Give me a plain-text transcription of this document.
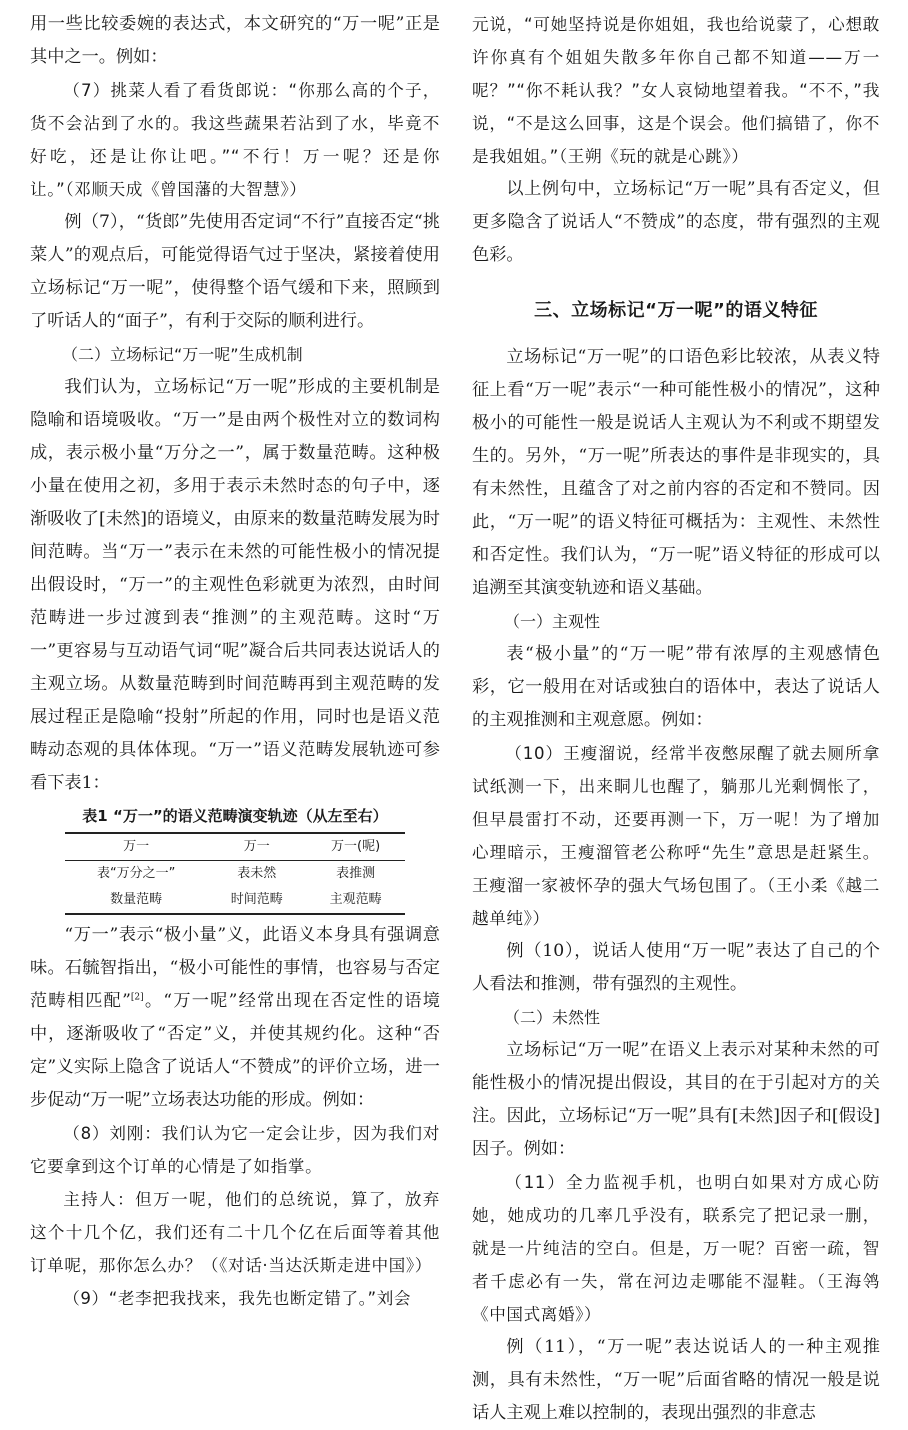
用一些比较委婉的表达式，本文研究的“万一呢”正是其中之一。例如：

（7）挑菜人看了看货郎说：“你那么高的个子，货不会沾到了水的。我这些蔬果若沾到了水，毕竟不好吃，还是让你让吧。”“不行！万一呢？还是你让。”（邓顺天成《曾国藩的大智慧》）

例（7），“货郎”先使用否定词“不行”直接否定“挑菜人”的观点后，可能觉得语气过于坚决，紧接着使用立场标记“万一呢”，使得整个语气缓和下来，照顾到了听话人的“面子”，有利于交际的顺利进行。

（二）立场标记“万一呢”生成机制

我们认为，立场标记“万一呢”形成的主要机制是隐喻和语境吸收。“万一”是由两个极性对立的数词构成，表示极小量“万分之一”，属于数量范畴。这种极小量在使用之初，多用于表示未然时态的句子中，逐渐吸收了[未然]的语境义，由原来的数量范畴发展为时间范畴。当“万一”表示在未然的可能性极小的情况提出假设时，“万一”的主观性色彩就更为浓烈，由时间范畴进一步过渡到表“推测”的主观范畴。这时“万一”更容易与互动语气词“呢”凝合后共同表达说话人的主观立场。从数量范畴到时间范畴再到主观范畴的发展过程正是隐喻“投射”所起的作用，同时也是语义范畴动态观的具体体现。“万一”语义范畴发展轨迹可参看下表1：

表1 “万一”的语义范畴演变轨迹（从左至右）
万一	万一	万一(呢)
表“万分之一”	表未然	表推测
数量范畴	时间范畴	主观范畴

“万一”表示“极小量”义，此语义本身具有强调意味。石毓智指出，“极小可能性的事情，也容易与否定范畴相匹配”[2]。“万一呢”经常出现在否定性的语境中，逐渐吸收了“否定”义，并使其规约化。这种“否定”义实际上隐含了说话人“不赞成”的评价立场，进一步促动“万一呢”立场表达功能的形成。例如：

（8）刘刚：我们认为它一定会让步，因为我们对它要拿到这个订单的心情是了如指掌。

主持人：但万一呢，他们的总统说，算了，放弃这个十几个亿，我们还有二十几个亿在后面等着其他订单呢，那你怎么办？（《对话·当达沃斯走进中国》）

（9）“老李把我找来，我先也断定错了。”刘会

元说，“可她坚持说是你姐姐，我也给说蒙了，心想敢许你真有个姐姐失散多年你自己都不知道——万一呢？”“你不耗认我？”女人哀恸地望着我。“不不，”我说，“不是这么回事，这是个误会。他们搞错了，你不是我姐姐。”（王朔《玩的就是心跳》）

以上例句中，立场标记“万一呢”具有否定义，但更多隐含了说话人“不赞成”的态度，带有强烈的主观色彩。

三、立场标记“万一呢”的语义特征

立场标记“万一呢”的口语色彩比较浓，从表义特征上看“万一呢”表示“一种可能性极小的情况”，这种极小的可能性一般是说话人主观认为不利或不期望发生的。另外，“万一呢”所表达的事件是非现实的，具有未然性，且蕴含了对之前内容的否定和不赞同。因此，“万一呢”的语义特征可概括为：主观性、未然性和否定性。我们认为，“万一呢”语义特征的形成可以追溯至其演变轨迹和语义基础。

（一）主观性

表“极小量”的“万一呢”带有浓厚的主观感情色彩，它一般用在对话或独白的语体中，表达了说话人的主观推测和主观意愿。例如：

（10）王瘦溜说，经常半夜憋尿醒了就去厕所拿试纸测一下，出来眮儿也醒了，躺那儿光剩惆怅了，但早晨雷打不动，还要再测一下，万一呢！为了增加心理暗示，王瘦溜管老公称呼“先生”意思是赶紧生。王瘦溜一家被怀孕的强大气场包围了。（王小柔《越二越单纯》）

例（10），说话人使用“万一呢”表达了自己的个人看法和推测，带有强烈的主观性。

（二）未然性

立场标记“万一呢”在语义上表示对某种未然的可能性极小的情况提出假设，其目的在于引起对方的关注。因此，立场标记“万一呢”具有[未然]因子和[假设]因子。例如：

（11）全力监视手机，也明白如果对方成心防她，她成功的几率几乎没有，联系完了把记录一删，就是一片纯洁的空白。但是，万一呢？百密一疏，智者千虑必有一失，常在河边走哪能不湿鞋。（王海鸰《中国式离婚》）

例（11），“万一呢”表达说话人的一种主观推测，具有未然性，“万一呢”后面省略的情况一般是说话人主观上难以控制的，表现出强烈的非意志
